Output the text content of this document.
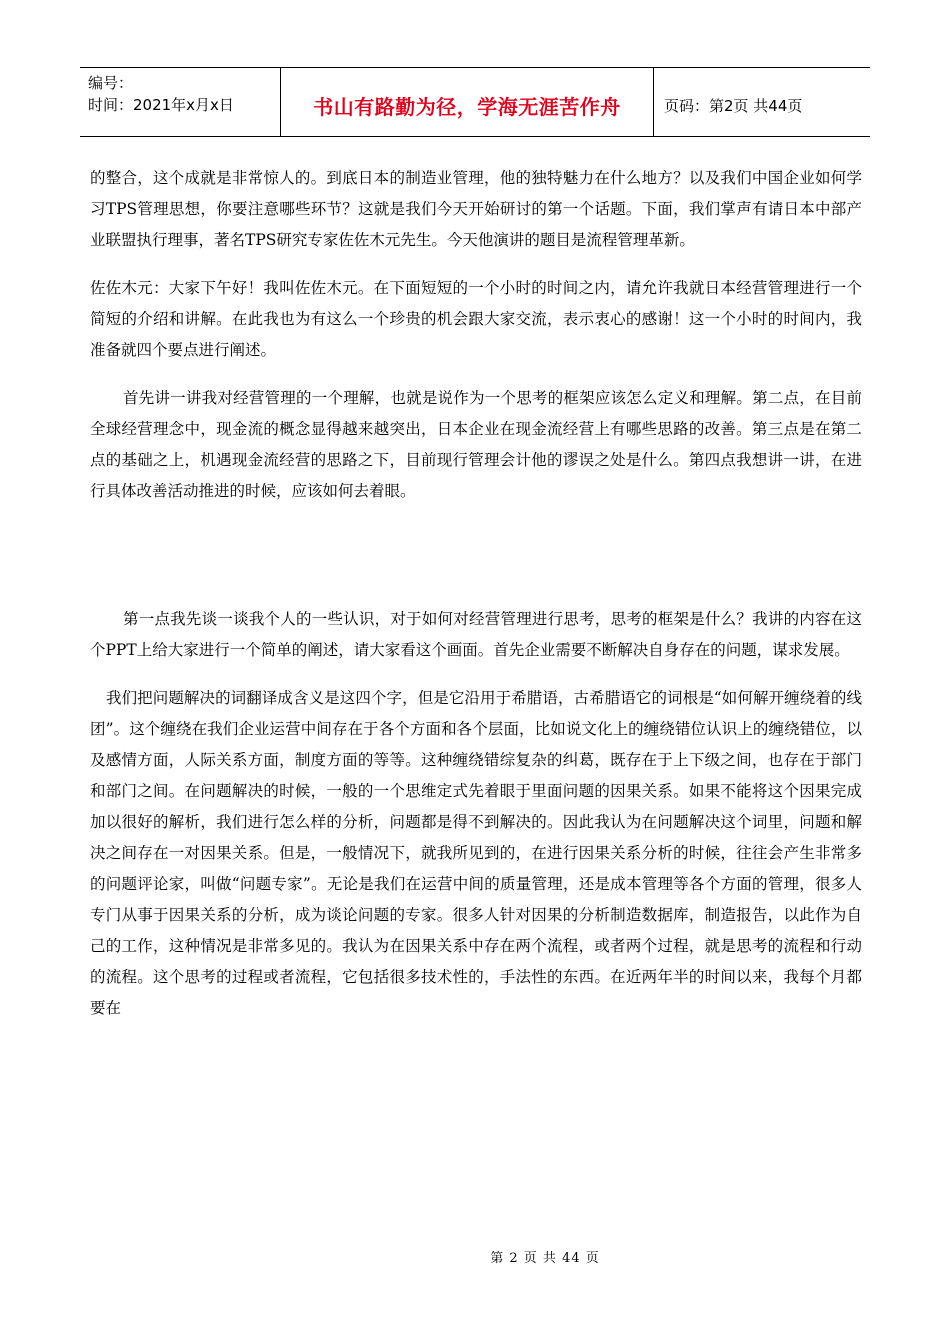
编号：
时间：2021年x月x日	书山有路勤为径，学海无涯苦作舟	页码：第2页 共44页

的整合，这个成就是非常惊人的。到底日本的制造业管理，他的独特魅力在什么地方？以及我们中国企业如何学习TPS管理思想，你要注意哪些环节？这就是我们今天开始研讨的第一个话题。下面，我们掌声有请日本中部产业联盟执行理事，著名TPS研究专家佐佐木元先生。今天他演讲的题目是流程管理革新。

佐佐木元：大家下午好！我叫佐佐木元。在下面短短的一个小时的时间之内，请允许我就日本经营管理进行一个简短的介绍和讲解。在此我也为有这么一个珍贵的机会跟大家交流，表示衷心的感谢！这一个小时的时间内，我准备就四个要点进行阐述。

首先讲一讲我对经营管理的一个理解，也就是说作为一个思考的框架应该怎么定义和理解。第二点，在目前全球经营理念中，现金流的概念显得越来越突出，日本企业在现金流经营上有哪些思路的改善。第三点是在第二点的基础之上，机遇现金流经营的思路之下，目前现行管理会计他的谬误之处是什么。第四点我想讲一讲，在进行具体改善活动推进的时候，应该如何去着眼。

第一点我先谈一谈我个人的一些认识，对于如何对经营管理进行思考，思考的框架是什么？我讲的内容在这个PPT上给大家进行一个简单的阐述，请大家看这个画面。首先企业需要不断解决自身存在的问题，谋求发展。

我们把问题解决的词翻译成含义是这四个字，但是它沿用于希腊语，古希腊语它的词根是“如何解开缠绕着的线团”。这个缠绕在我们企业运营中间存在于各个方面和各个层面，比如说文化上的缠绕错位认识上的缠绕错位，以及感情方面，人际关系方面，制度方面的等等。这种缠绕错综复杂的纠葛，既存在于上下级之间，也存在于部门和部门之间。在问题解决的时候，一般的一个思维定式先着眼于里面问题的因果关系。如果不能将这个因果完成加以很好的解析，我们进行怎么样的分析，问题都是得不到解决的。因此我认为在问题解决这个词里，问题和解决之间存在一对因果关系。但是，一般情况下，就我所见到的，在进行因果关系分析的时候，往往会产生非常多的问题评论家，叫做“问题专家”。无论是我们在运营中间的质量管理，还是成本管理等各个方面的管理，很多人专门从事于因果关系的分析，成为谈论问题的专家。很多人针对因果的分析制造数据库，制造报告，以此作为自己的工作，这种情况是非常多见的。我认为在因果关系中存在两个流程，或者两个过程，就是思考的流程和行动的流程。这个思考的过程或者流程，它包括很多技术性的，手法性的东西。在近两年半的时间以来，我每个月都要在

第 2 页 共 44 页
